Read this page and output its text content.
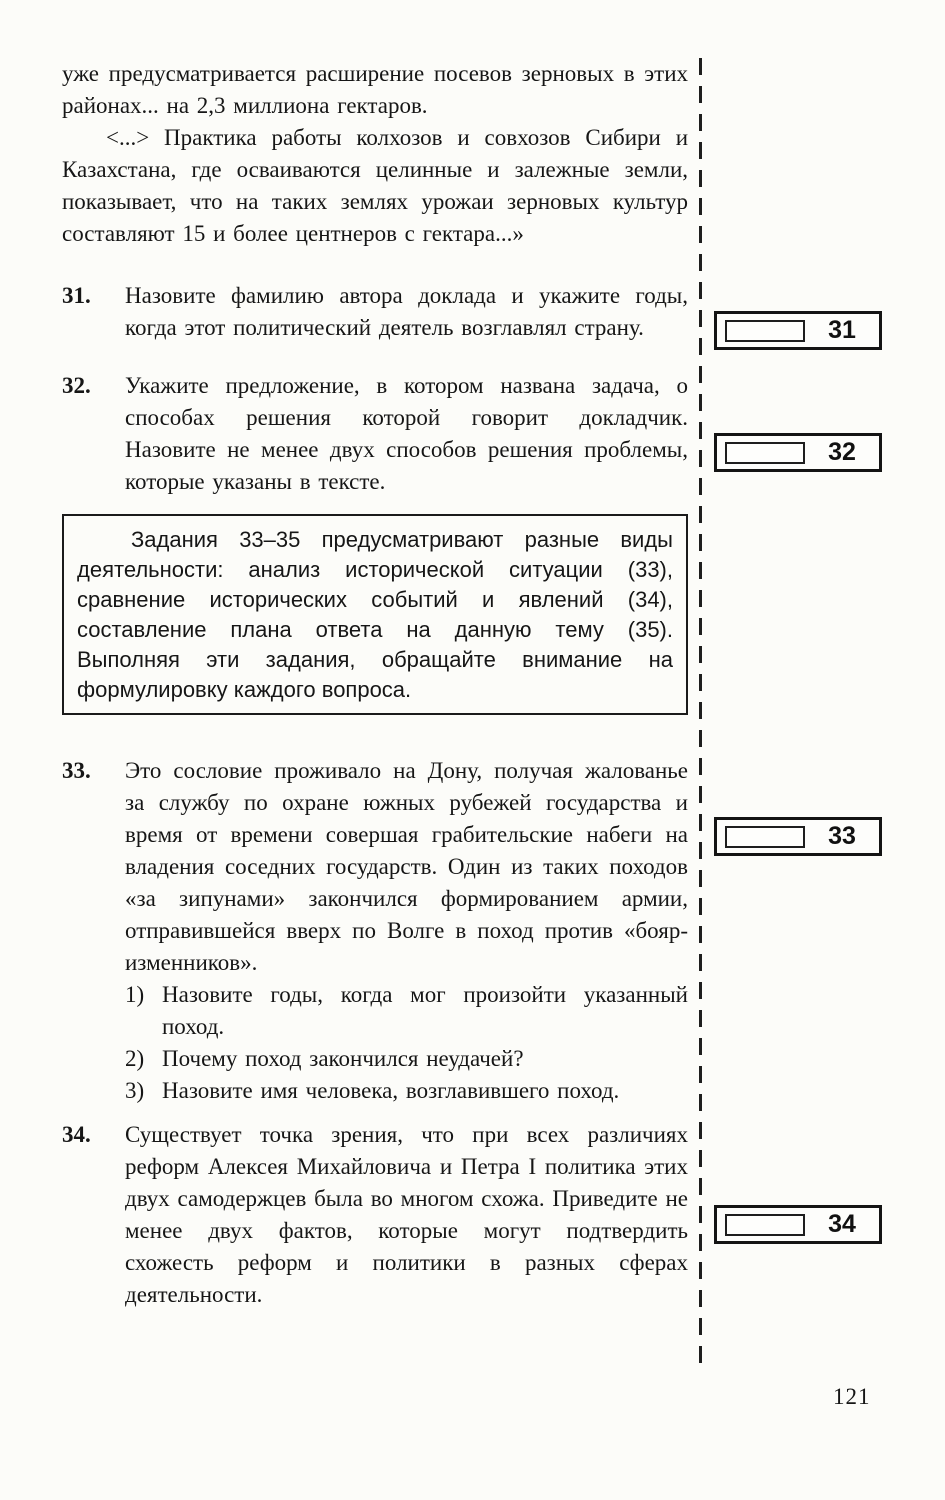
уже предусматривается расширение посевов зерновых в этих районах... на 2,3 миллиона гектаров.

<...> Практика работы колхозов и совхозов Сибири и Казахстана, где осваиваются целинные и залежные земли, показывает, что на таких землях урожаи зерновых культур составляют 15 и более центнеров с гектара...»

31.	Назовите фамилию автора доклада и укажите годы, когда этот политический деятель возглавлял страну.
32.	Укажите предложение, в котором названа задача, о способах решения которой говорит докладчик. Назовите не менее двух способов решения проблемы, которые указаны в тексте.

Задания 33–35 предусматривают разные виды деятельности: анализ исторической ситуации (33), сравнение исторических событий и явлений (34), составление плана ответа на данную тему (35). Выполняя эти задания, обращайте внимание на формулировку каждого вопроса.

33.	Это сословие проживало на Дону, получая жалованье за службу по охране южных рубежей государства и время от времени совершая грабительские набеги на владения соседних государств. Один из таких походов «за зипунами» закончился формированием армии, отправившейся вверх по Волге в поход против «бояр-изменников».
1) Назовите годы, когда мог произойти указанный поход.
2) Почему поход закончился неудачей?
3) Назовите имя человека, возглавившего поход.
34.	Существует точка зрения, что при всех различиях реформ Алексея Михайловича и Петра I политика этих двух самодержцев была во многом схожа. Приведите не менее двух фактов, которые могут подтвердить схожесть реформ и политики в разных сферах деятельности.
31
32
33
34
121
